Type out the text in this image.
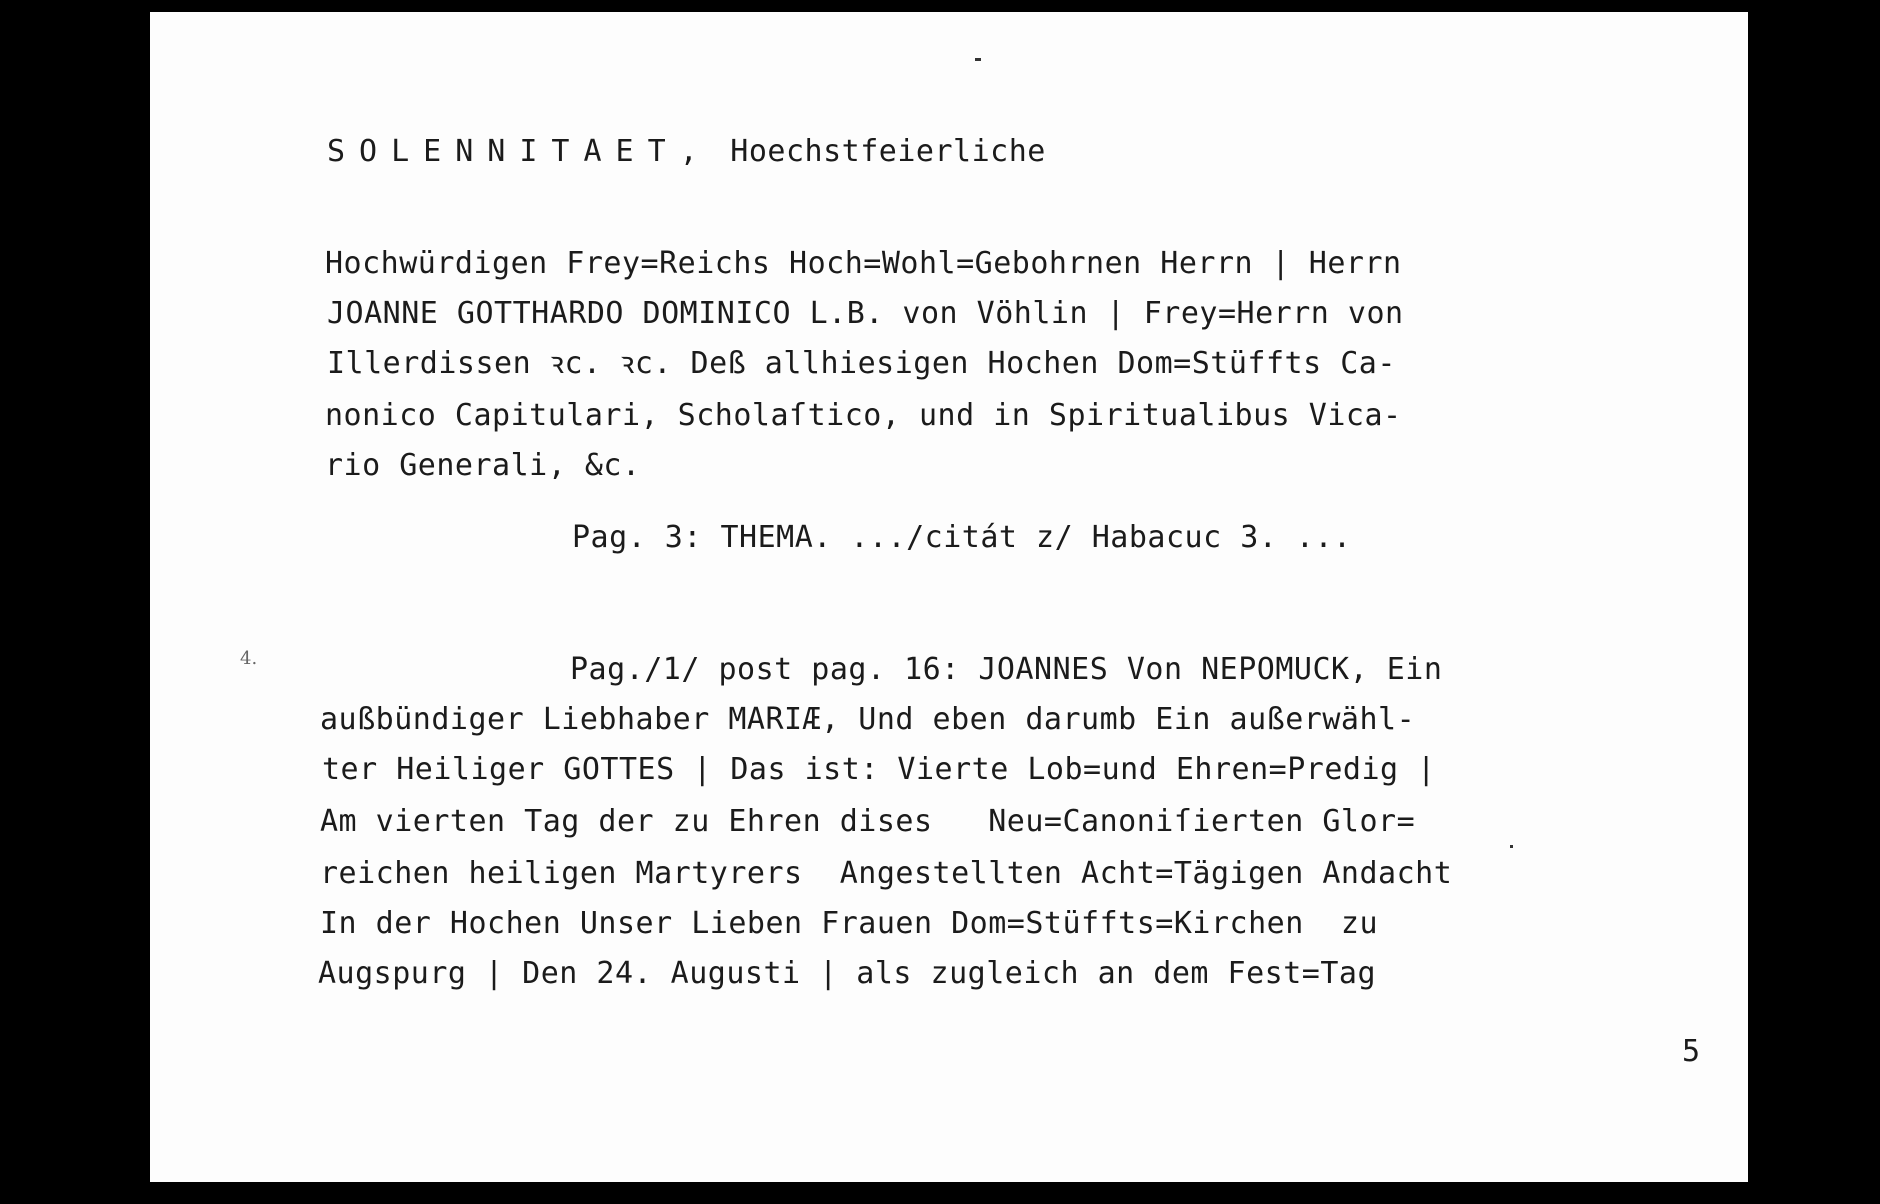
SOLENNITAET, Hoechstfeierliche

Hochwürdigen Frey=Reichs Hoch=Wohl=Gebohrnen Herrn | Herrn

JOANNE GOTTHARDO DOMINICO L.B. von Vöhlin | Frey=Herrn von

Illerdissen ꝛc. ꝛc. Deß allhiesigen Hochen Dom=Stüffts Ca-

nonico Capitulari, Scholaſtico, und in Spiritualibus Vica-

rio Generali, &c.

Pag. 3: THEMA. .../citát z/ Habacuc 3. ...

4.	Pag./1/ post pag. 16: JOANNES Von NEPOMUCK, Ein

außbündiger Liebhaber MARIÆ, Und eben darumb Ein außerwähl-

ter Heiliger GOTTES | Das ist: Vierte Lob=und Ehren=Predig |

Am vierten Tag der zu Ehren dises   Neu=Canoniſierten Glor=

reichen heiligen Martyrers  Angestellten Acht=Tägigen Andacht

In der Hochen Unser Lieben Frauen Dom=Stüffts=Kirchen  zu

Augspurg | Den 24. Augusti | als zugleich an dem Fest=Tag

5
